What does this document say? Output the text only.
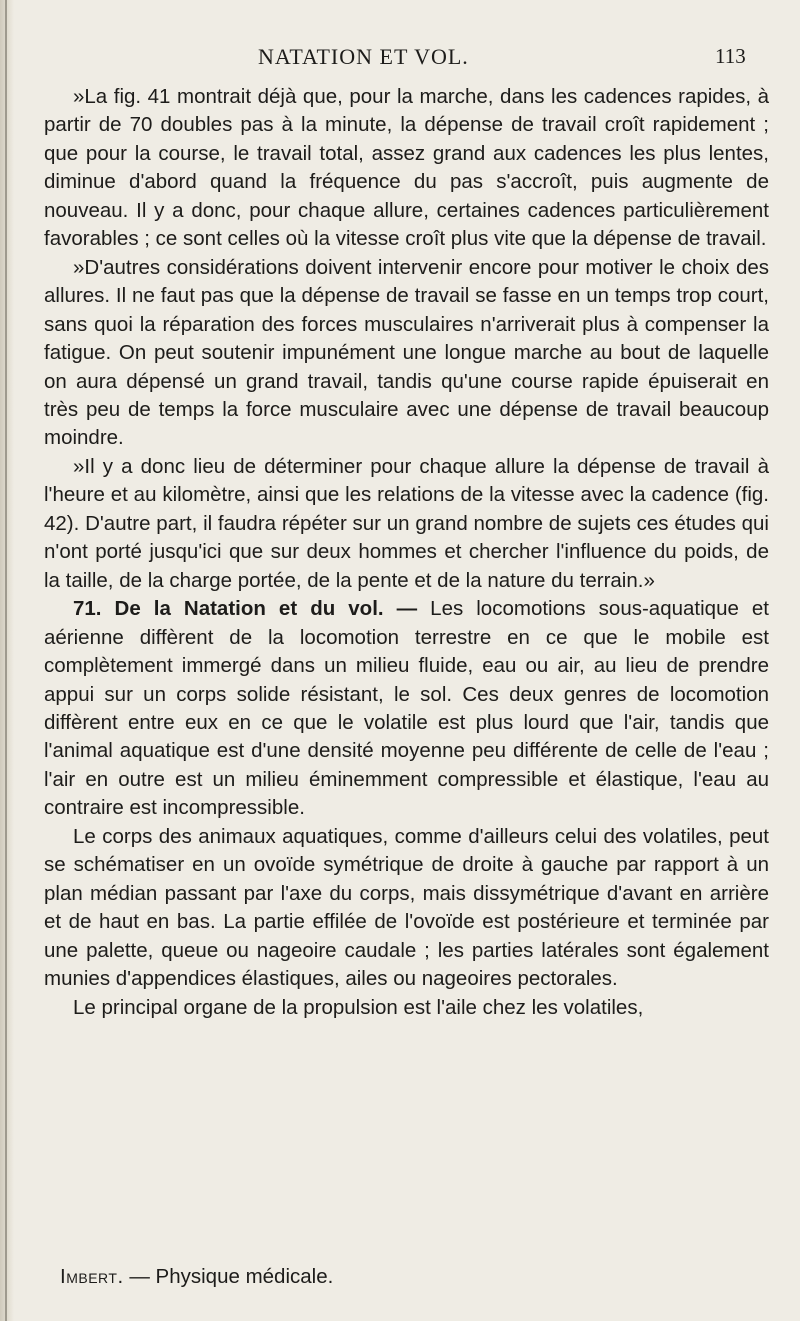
NATATION ET VOL.	113

»La fig. 41 montrait déjà que, pour la marche, dans les cadences rapides, à partir de 70 doubles pas à la minute, la dépense de travail croît rapidement ; que pour la course, le travail total, assez grand aux cadences les plus lentes, diminue d'abord quand la fréquence du pas s'accroît, puis augmente de nouveau. Il y a donc, pour chaque allure, certaines cadences particulièrement favorables ; ce sont celles où la vitesse croît plus vite que la dépense de travail.

»D'autres considérations doivent intervenir encore pour motiver le choix des allures. Il ne faut pas que la dépense de travail se fasse en un temps trop court, sans quoi la réparation des forces musculaires n'arriverait plus à compenser la fatigue. On peut soutenir impunément une longue marche au bout de laquelle on aura dépensé un grand travail, tandis qu'une course rapide épuiserait en très peu de temps la force musculaire avec une dépense de travail beaucoup moindre.

»Il y a donc lieu de déterminer pour chaque allure la dépense de travail à l'heure et au kilomètre, ainsi que les relations de la vitesse avec la cadence (fig. 42). D'autre part, il faudra répéter sur un grand nombre de sujets ces études qui n'ont porté jusqu'ici que sur deux hommes et chercher l'influence du poids, de la taille, de la charge portée, de la pente et de la nature du terrain.»

71. De la Natation et du vol. — Les locomotions sous-aquatique et aérienne diffèrent de la locomotion terrestre en ce que le mobile est complètement immergé dans un milieu fluide, eau ou air, au lieu de prendre appui sur un corps solide résistant, le sol. Ces deux genres de locomotion diffèrent entre eux en ce que le volatile est plus lourd que l'air, tandis que l'animal aquatique est d'une densité moyenne peu différente de celle de l'eau ; l'air en outre est un milieu éminemment compressible et élastique, l'eau au contraire est incompressible.

Le corps des animaux aquatiques, comme d'ailleurs celui des volatiles, peut se schématiser en un ovoïde symétrique de droite à gauche par rapport à un plan médian passant par l'axe du corps, mais dissymétrique d'avant en arrière et de haut en bas. La partie effilée de l'ovoïde est postérieure et terminée par une palette, queue ou nageoire caudale ; les parties latérales sont également munies d'appendices élastiques, ailes ou nageoires pectorales.

Le principal organe de la propulsion est l'aile chez les volatiles,

Imbert. — Physique médicale.
